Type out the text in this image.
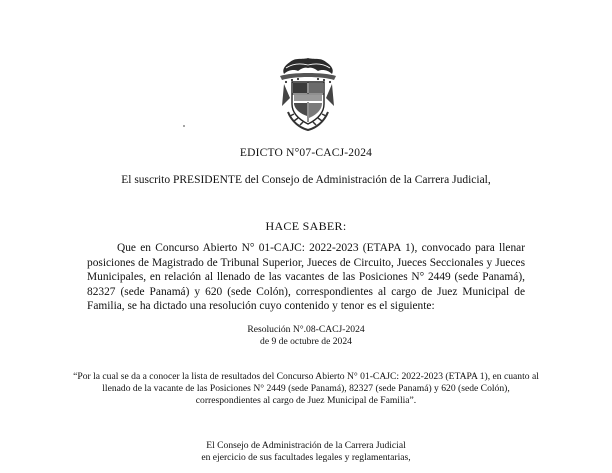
EDICTO N°07-CACJ-2024
El suscrito PRESIDENTE del Consejo de Administración de la Carrera Judicial,
HACE SABER:

Que en Concurso Abierto N° 01-CAJC: 2022-2023 (ETAPA 1), convocado para llenar posiciones de Magistrado de Tribunal Superior, Jueces de Circuito, Jueces Seccionales y Jueces Municipales, en relación al llenado de las vacantes de las Posiciones N° 2449 (sede Panamá), 82327 (sede Panamá) y 620 (sede Colón), correspondientes al cargo de Juez Municipal de Familia, se ha dictado una resolución cuyo contenido y tenor es el siguiente:

Resolución N°.08-CACJ-2024
de 9 de octubre de 2024

“Por la cual se da a conocer la lista de resultados del Concurso Abierto N° 01-CAJC: 2022-2023 (ETAPA 1), en cuanto al llenado de la vacante de las Posiciones N° 2449 (sede Panamá), 82327 (sede Panamá) y 620 (sede Colón), correspondientes al cargo de Juez Municipal de Familia”.

El Consejo de Administración de la Carrera Judicial
en ejercicio de sus facultades legales y reglamentarias,
